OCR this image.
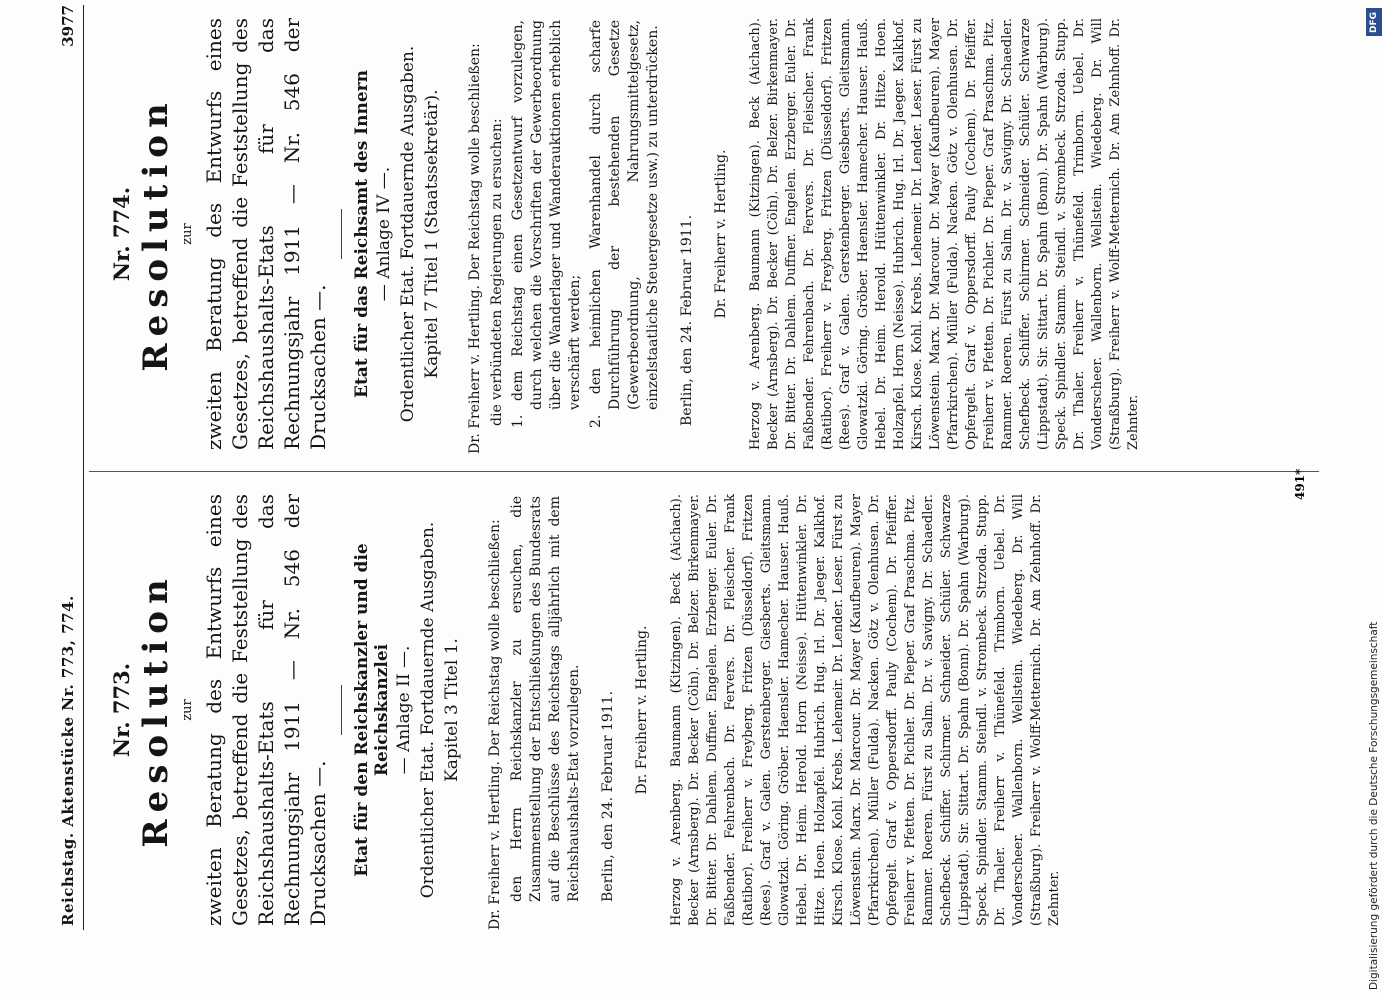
Reichstag. Aktenstücke Nr. 773, 774.
3977
Nr. 773. Resolution zur zweiten Beratung des Entwurfs eines Gesetzes, betreffend die Feststellung des Reichshaushalts-Etats für das Rechnungsjahr 1911 — Nr. 546 der Drucksachen —. Etat für den Reichskanzler und die Reichskanzlei — Anlage II —. Ordentlicher Etat. Fortdauernde Ausgaben. Kapitel 3 Titel 1. Dr. Freiherr v. Hertling. Der Reichstag wolle beschließen: den Herrn Reichskanzler zu ersuchen, die Zusammenstellung der Entschließungen des Bundesrats auf die Beschlüsse des Reichstags alljährlich mit dem Reichshaushalts-Etat vorzulegen. Berlin, den 24. Februar 1911. Dr. Freiherr v. Hertling. Herzog v. Arenberg. Baumann (Kitzingen). Beck (Aichach). Becker (Arnsberg). Dr. Becker (Cöln). Dr. Belzer. Birkenmayer. Dr. Bitter. Dr. Dahlem. Duffner. Engelen. Erzberger. Euler. Dr. Faßbender. Fehrenbach. Dr. Fervers. Dr. Fleischer. Frank (Ratibor). Freiherr v. Freyberg. Fritzen (Düsseldorf). Fritzen (Rees). Graf v. Galen. Gerstenberger. Giesberts. Gleitsmann. Glowatzki. Göring. Gröber. Haensler. Hamecher. Hauser. Hauß. Hebel. Dr. Heim. Herold. Horn (Neisse). Hüttenwinkler. Dr. Hitze. Hoen. Holzapfel. Hubrich. Hug. Irl. Dr. Jaeger. Kalkhof. Kirsch. Klose. Kohl. Krebs. Lehemeir. Dr. Lender. Leser. Fürst zu Löwenstein. Marx. Dr. Marcour. Dr. Mayer (Kaufbeuren). Mayer (Pfarrkirchen). Müller (Fulda). Nacken. Götz v. Olenhusen. Dr. Opfergelt. Graf v. Oppersdorff. Pauly (Cochem). Dr. Pfeiffer. Freiherr v. Pfetten. Dr. Pichler. Dr. Pieper. Graf Praschma. Pitz. Rammer. Roeren. Fürst zu Salm. Dr. v. Savigny. Dr. Schaedler. Schefbeck. Schiffer. Schirmer. Schneider. Schüler. Schwarze (Lippstadt). Sir. Sittart. Dr. Spahn (Bonn). Dr. Spahn (Warburg). Speck. Spindler. Stamm. Steindl. v. Strombeck. Strzoda. Stupp. Dr. Thaler. Freiherr v. Thünefeld. Trimborn. Uebel. Dr. Vonderscheer. Wallenborn. Wellstein. Wiedeberg. Dr. Will (Straßburg). Freiherr v. Wolff-Metternich. Dr. Am Zehnhoff. Dr. Zehnter.
Nr. 774. Resolution zur zweiten Beratung des Entwurfs eines Gesetzes, betreffend die Feststellung des Reichshaushalts-Etats für das Rechnungsjahr 1911 — Nr. 546 der Drucksachen —. Etat für das Reichsamt des Innern — Anlage IV —. Ordentlicher Etat. Fortdauernde Ausgaben. Kapitel 7 Titel 1 (Staatssekretär). Dr. Freiherr v. Hertling. Der Reichstag wolle beschließen: die verbündeten Regierungen zu ersuchen: 1. dem Reichstag einen Gesetzentwurf vorzulegen, durch welchen die Vorschriften der Gewerbeordnung über die Wanderlager und Wanderauktionen erheblich verschärft werden; 2. den heimlichen Warenhandel durch scharfe Durchführung der bestehenden Gesetze (Gewerbeordnung, Nahrungsmittelgesetz, einzelstaatliche Steuergesetze usw.) zu unterdrücken. Berlin, den 24. Februar 1911. Dr. Freiherr v. Hertling. Herzog v. Arenberg. Baumann (Kitzingen). Beck (Aichach). Becker (Arnsberg). Dr. Becker (Cöln). Dr. Belzer. Birkenmayer. Dr. Bitter. Dr. Dahlem. Duffner. Engelen. Erzberger. Euler. Dr. Faßbender. Fehrenbach. Dr. Fervers. Dr. Fleischer. Frank (Ratibor). Freiherr v. Freyberg. Fritzen (Düsseldorf). Fritzen (Rees). Graf v. Galen. Gerstenberger. Giesberts. Gleitsmann. Glowatzki. Göring. Gröber. Haensler. Hamecher. Hauser. Hauß. Hebel. Dr. Heim. Herold. Hüttenwinkler. Dr. Hitze. Hoen. Holzapfel. Horn (Neisse). Hubrich. Hug. Irl. Dr. Jaeger. Kalkhof. Kirsch. Klose. Kohl. Krebs. Lehemeir. Dr. Lender. Leser. Fürst zu Löwenstein. Marx. Dr. Marcour. Dr. Mayer (Kaufbeuren). Mayer (Pfarrkirchen). Müller (Fulda). Nacken. Götz v. Olenhusen. Dr. Opfergelt. Graf v. Oppersdorff. Pauly (Cochem). Dr. Pfeiffer. Freiherr v. Pfetten. Dr. Pichler. Dr. Pieper. Graf Praschma. Pitz. Rammer. Roeren. Fürst zu Salm. Dr. v. Savigny. Dr. Schaedler. Schefbeck. Schiffer. Schirmer. Schneider. Schüler. Schwarze (Lippstadt). Sir. Sittart. Dr. Spahn (Bonn). Dr. Spahn (Warburg). Speck. Spindler. Stamm. Steindl. v. Strombeck. Strzoda. Stupp. Dr. Thaler. Freiherr v. Thünefeld. Trimborn. Uebel. Dr. Vonderscheer. Wallenborn. Wellstein. Wiedeberg. Dr. Will (Straßburg). Freiherr v. Wolff-Metternich. Dr. Am Zehnhoff. Dr. Zehnter.
491*
DFG
Digitalisierung gefördert durch die Deutsche Forschungsgemeinschaft
